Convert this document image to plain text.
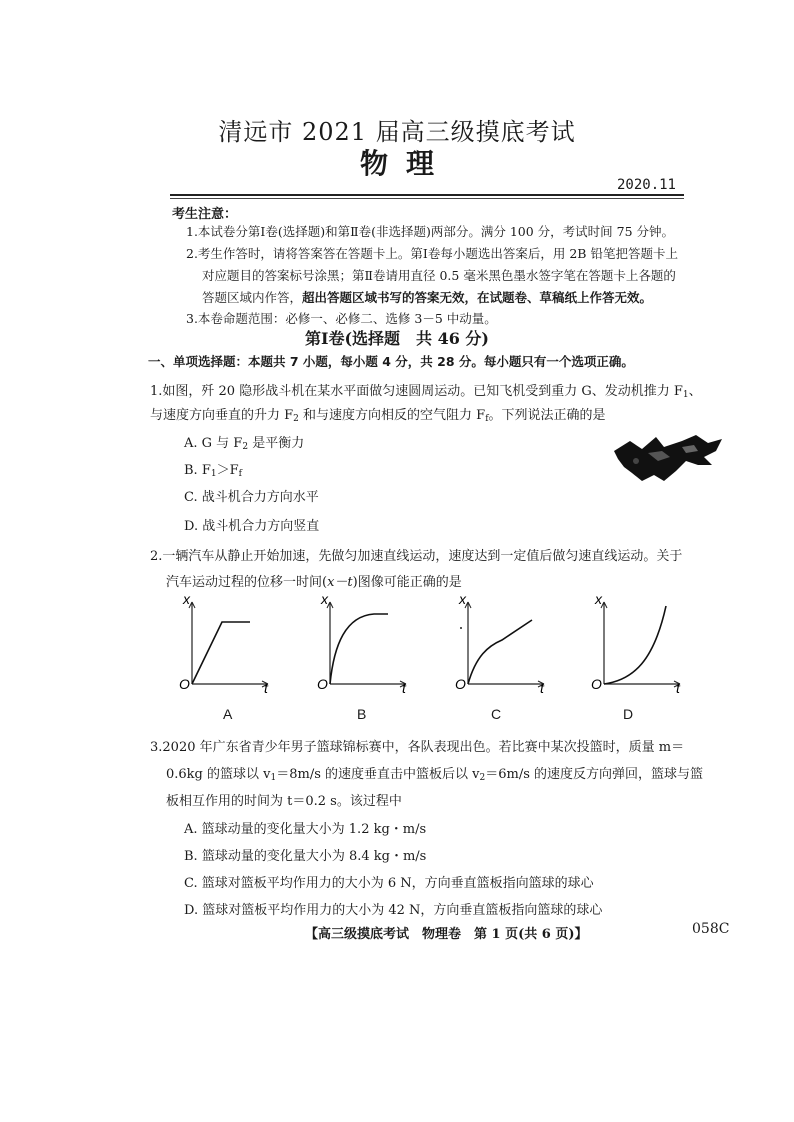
清远市 2021 届高三级摸底考试
物理
2020.11
考生注意：
1.本试卷分第Ⅰ卷(选择题)和第Ⅱ卷(非选择题)两部分。满分 100 分，考试时间 75 分钟。
2.考生作答时，请将答案答在答题卡上。第Ⅰ卷每小题选出答案后，用 2B 铅笔把答题卡上
对应题目的答案标号涂黑；第Ⅱ卷请用直径 0.5 毫米黑色墨水签字笔在答题卡上各题的
答题区域内作答，超出答题区域书写的答案无效，在试题卷、草稿纸上作答无效。
3.本卷命题范围：必修一、必修二、选修 3－5 中动量。
第Ⅰ卷(选择题　共 46 分)
一、单项选择题：本题共 7 小题，每小题 4 分，共 28 分。每小题只有一个选项正确。
1.如图，歼 20 隐形战斗机在某水平面做匀速圆周运动。已知飞机受到重力 G、发动机推力 $F_1$、
与速度方向垂直的升力 $F_2$ 和与速度方向相反的空气阻力 $F_f$。下列说法正确的是
A. G 与 $F_2$ 是平衡力
B. $F_1>F_f$
C. 战斗机合力方向水平
D. 战斗机合力方向竖直
2.一辆汽车从静止开始加速，先做匀加速直线运动，速度达到一定值后做匀速直线运动。关于
汽车运动过程的位移一时间(x－t)图像可能正确的是
x
t
O
A
x
t
O
B
x
t
O
C
x
t
O
D
3.2020 年广东省青少年男子篮球锦标赛中，各队表现出色。若比赛中某次投篮时，质量 m＝
0.6kg 的篮球以 $v_1=8m/s$ 的速度垂直击中篮板后以 $v_2=6m/s$ 的速度反方向弹回，篮球与篮
板相互作用的时间为 t＝0.2 s。该过程中
A. 篮球动量的变化量大小为 1.2 kg・m/s
B. 篮球动量的变化量大小为 8.4 kg・m/s
C. 篮球对篮板平均作用力的大小为 6 N，方向垂直篮板指向篮球的球心
D. 篮球对篮板平均作用力的大小为 42 N，方向垂直篮板指向篮球的球心
【高三级摸底考试　物理卷　第 1 页(共 6 页)】	058C
